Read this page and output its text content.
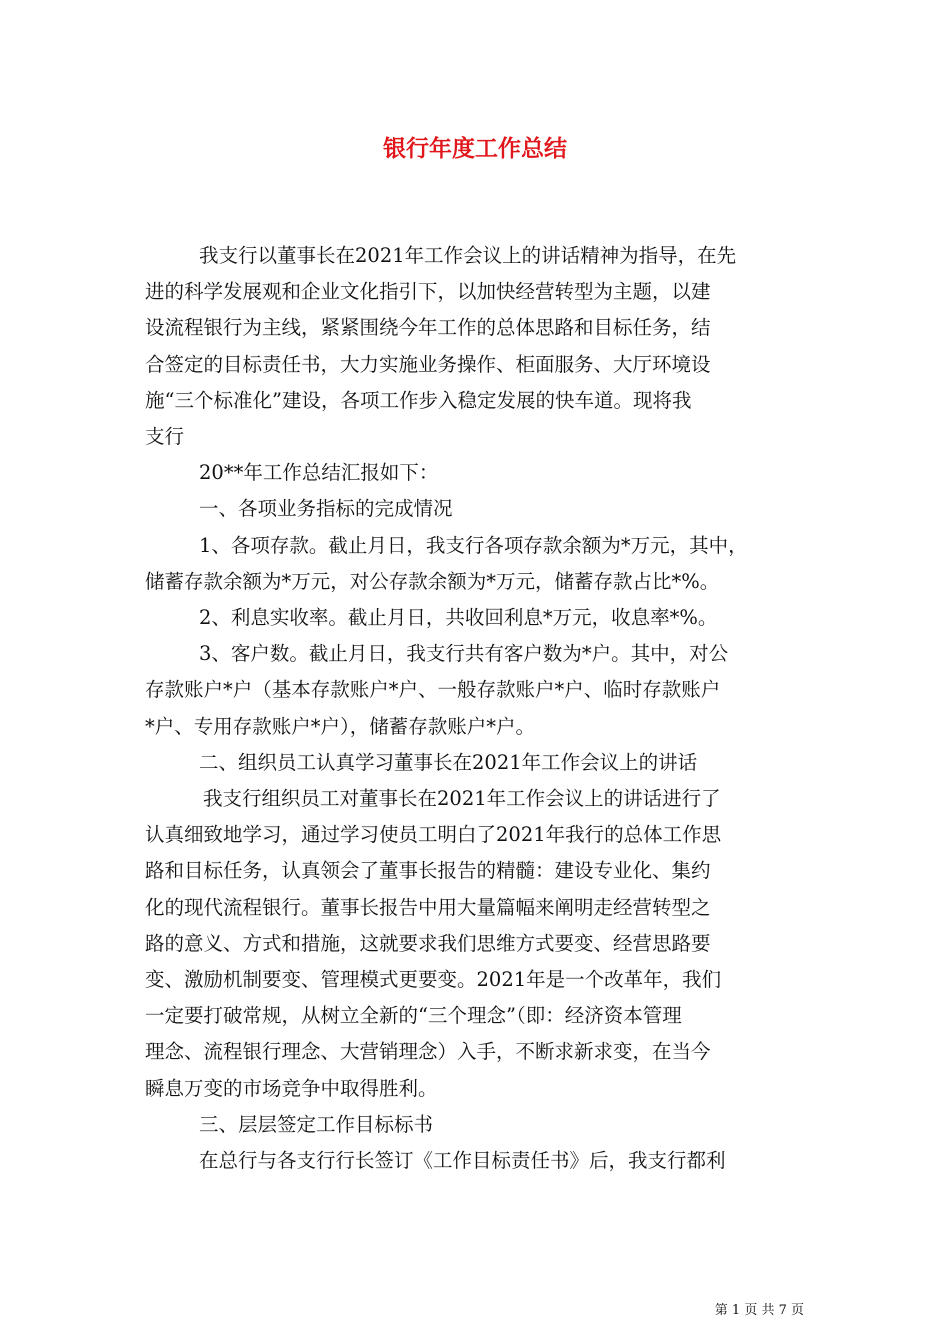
银行年度工作总结
我支行以董事长在2021年工作会议上的讲话精神为指导，在先
进的科学发展观和企业文化指引下，以加快经营转型为主题，以建
设流程银行为主线，紧紧围绕今年工作的总体思路和目标任务，结
合签定的目标责任书，大力实施业务操作、柜面服务、大厅环境设
施“三个标准化”建设，各项工作步入稳定发展的快车道。现将我
支行
20**年工作总结汇报如下：
一、各项业务指标的完成情况
1、各项存款。截止月日，我支行各项存款余额为*万元，其中，
储蓄存款余额为*万元，对公存款余额为*万元，储蓄存款占比*%。
2、利息实收率。截止月日，共收回利息*万元，收息率*%。
3、客户数。截止月日，我支行共有客户数为*户。其中，对公
存款账户*户（基本存款账户*户、一般存款账户*户、临时存款账户
*户、专用存款账户*户），储蓄存款账户*户。
二、组织员工认真学习董事长在2021年工作会议上的讲话
我支行组织员工对董事长在2021年工作会议上的讲话进行了
认真细致地学习，通过学习使员工明白了2021年我行的总体工作思
路和目标任务，认真领会了董事长报告的精髓：建设专业化、集约
化的现代流程银行。董事长报告中用大量篇幅来阐明走经营转型之
路的意义、方式和措施，这就要求我们思维方式要变、经营思路要
变、激励机制要变、管理模式更要变。2021年是一个改革年，我们
一定要打破常规，从树立全新的“三个理念”（即：经济资本管理
理念、流程银行理念、大营销理念）入手，不断求新求变，在当今
瞬息万变的市场竞争中取得胜利。
三、层层签定工作目标标书
在总行与各支行行长签订《工作目标责任书》后，我支行都利
第 1 页 共 7 页
